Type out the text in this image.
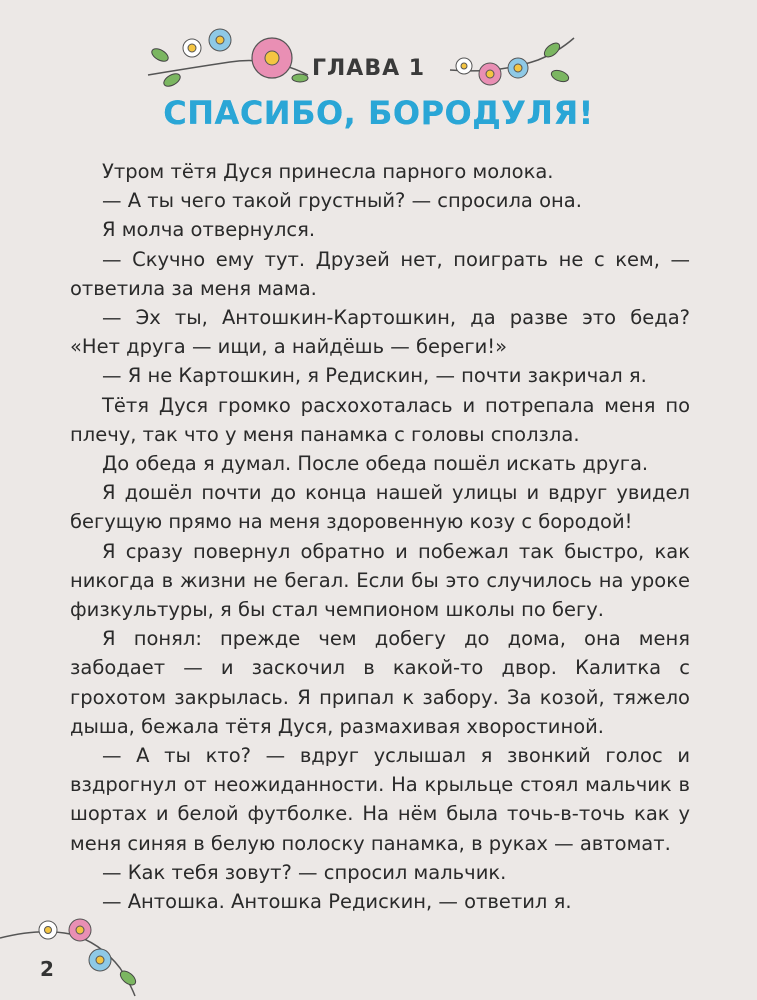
ГЛАВА 1
СПАСИБО, БОРОДУЛЯ!

Утром тётя Дуся принесла парного молока.

— А ты чего такой грустный? — спросила она.

Я молча отвернулся.

— Скучно ему тут. Друзей нет, поиграть не с кем, — ответила за меня мама.

— Эх ты, Антошкин-Картошкин, да разве это беда? «Нет друга — ищи, а найдёшь — береги!»

— Я не Картошкин, я Редискин, — почти закричал я.

Тётя Дуся громко расхохоталась и потрепала меня по плечу, так что у меня панамка с головы сползла.

До обеда я думал. После обеда пошёл искать друга.

Я дошёл почти до конца нашей улицы и вдруг увидел бегущую прямо на меня здоровенную козу с бородой!

Я сразу повернул обратно и побежал так быстро, как никогда в жизни не бегал. Если бы это случилось на уроке физкультуры, я бы стал чемпионом школы по бегу.

Я понял: прежде чем добегу до дома, она меня забодает — и заскочил в какой-то двор. Калитка с грохотом закрылась. Я припал к забору. За козой, тяжело дыша, бежала тётя Дуся, размахивая хворостиной.

— А ты кто? — вдруг услышал я звонкий голос и вздрогнул от неожиданности. На крыльце стоял мальчик в шортах и белой футболке. На нём была точь-в-точь как у меня синяя в белую полоску панамка, в руках — автомат.

— Как тебя зовут? — спросил мальчик.

— Антошка. Антошка Редискин, — ответил я.

2
